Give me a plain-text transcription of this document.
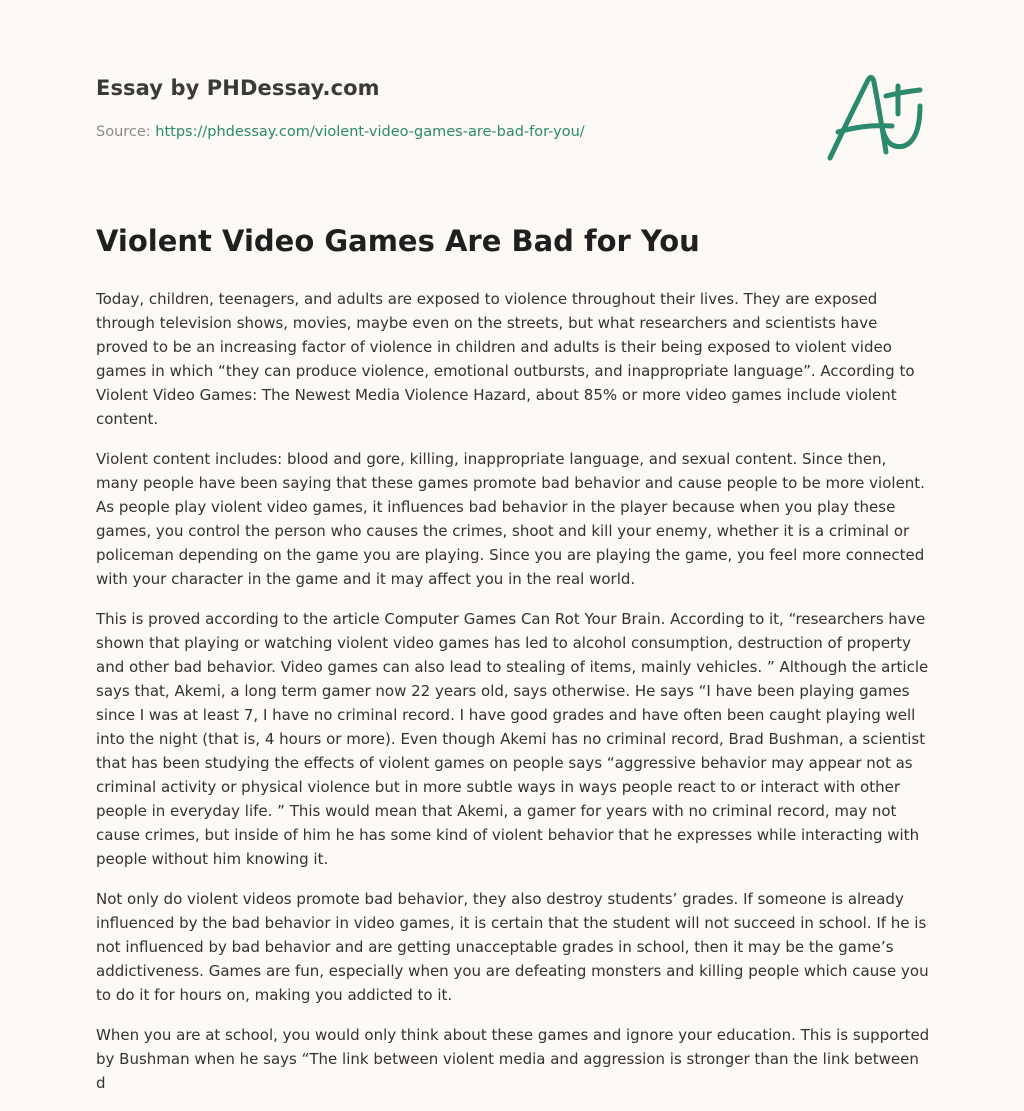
Essay by PHDessay.com
Source: https://phdessay.com/violent-video-games-are-bad-for-you/
Violent Video Games Are Bad for You

Today, children, teenagers, and adults are exposed to violence throughout their lives. They are exposed through television shows, movies, maybe even on the streets, but what researchers and scientists have proved to be an increasing factor of violence in children and adults is their being exposed to violent video games in which “they can produce violence, emotional outbursts, and inappropriate language”. According to Violent Video Games: The Newest Media Violence Hazard, about 85% or more video games include violent content.

Violent content includes: blood and gore, killing, inappropriate language, and sexual content. Since then, many people have been saying that these games promote bad behavior and cause people to be more violent. As people play violent video games, it influences bad behavior in the player because when you play these games, you control the person who causes the crimes, shoot and kill your enemy, whether it is a criminal or policeman depending on the game you are playing. Since you are playing the game, you feel more connected with your character in the game and it may affect you in the real world.

This is proved according to the article Computer Games Can Rot Your Brain. According to it, “researchers have shown that playing or watching violent video games has led to alcohol consumption, destruction of property and other bad behavior. Video games can also lead to stealing of items, mainly vehicles. ” Although the article says that, Akemi, a long term gamer now 22 years old, says otherwise. He says “I have been playing games since I was at least 7, I have no criminal record. I have good grades and have often been caught playing well into the night (that is, 4 hours or more). Even though Akemi has no criminal record, Brad Bushman, a scientist that has been studying the effects of violent games on people says “aggressive behavior may appear not as criminal activity or physical violence but in more subtle ways in ways people react to or interact with other people in everyday life. ” This would mean that Akemi, a gamer for years with no criminal record, may not cause crimes, but inside of him he has some kind of violent behavior that he expresses while interacting with people without him knowing it.

Not only do violent videos promote bad behavior, they also destroy students’ grades. If someone is already influenced by the bad behavior in video games, it is certain that the student will not succeed in school. If he is not influenced by bad behavior and are getting unacceptable grades in school, then it may be the game’s addictiveness. Games are fun, especially when you are defeating monsters and killing people which cause you to do it for hours on, making you addicted to it.

When you are at school, you would only think about these games and ignore your education. This is supported by Bushman when he says “The link between violent media and aggression is stronger than the link between d
